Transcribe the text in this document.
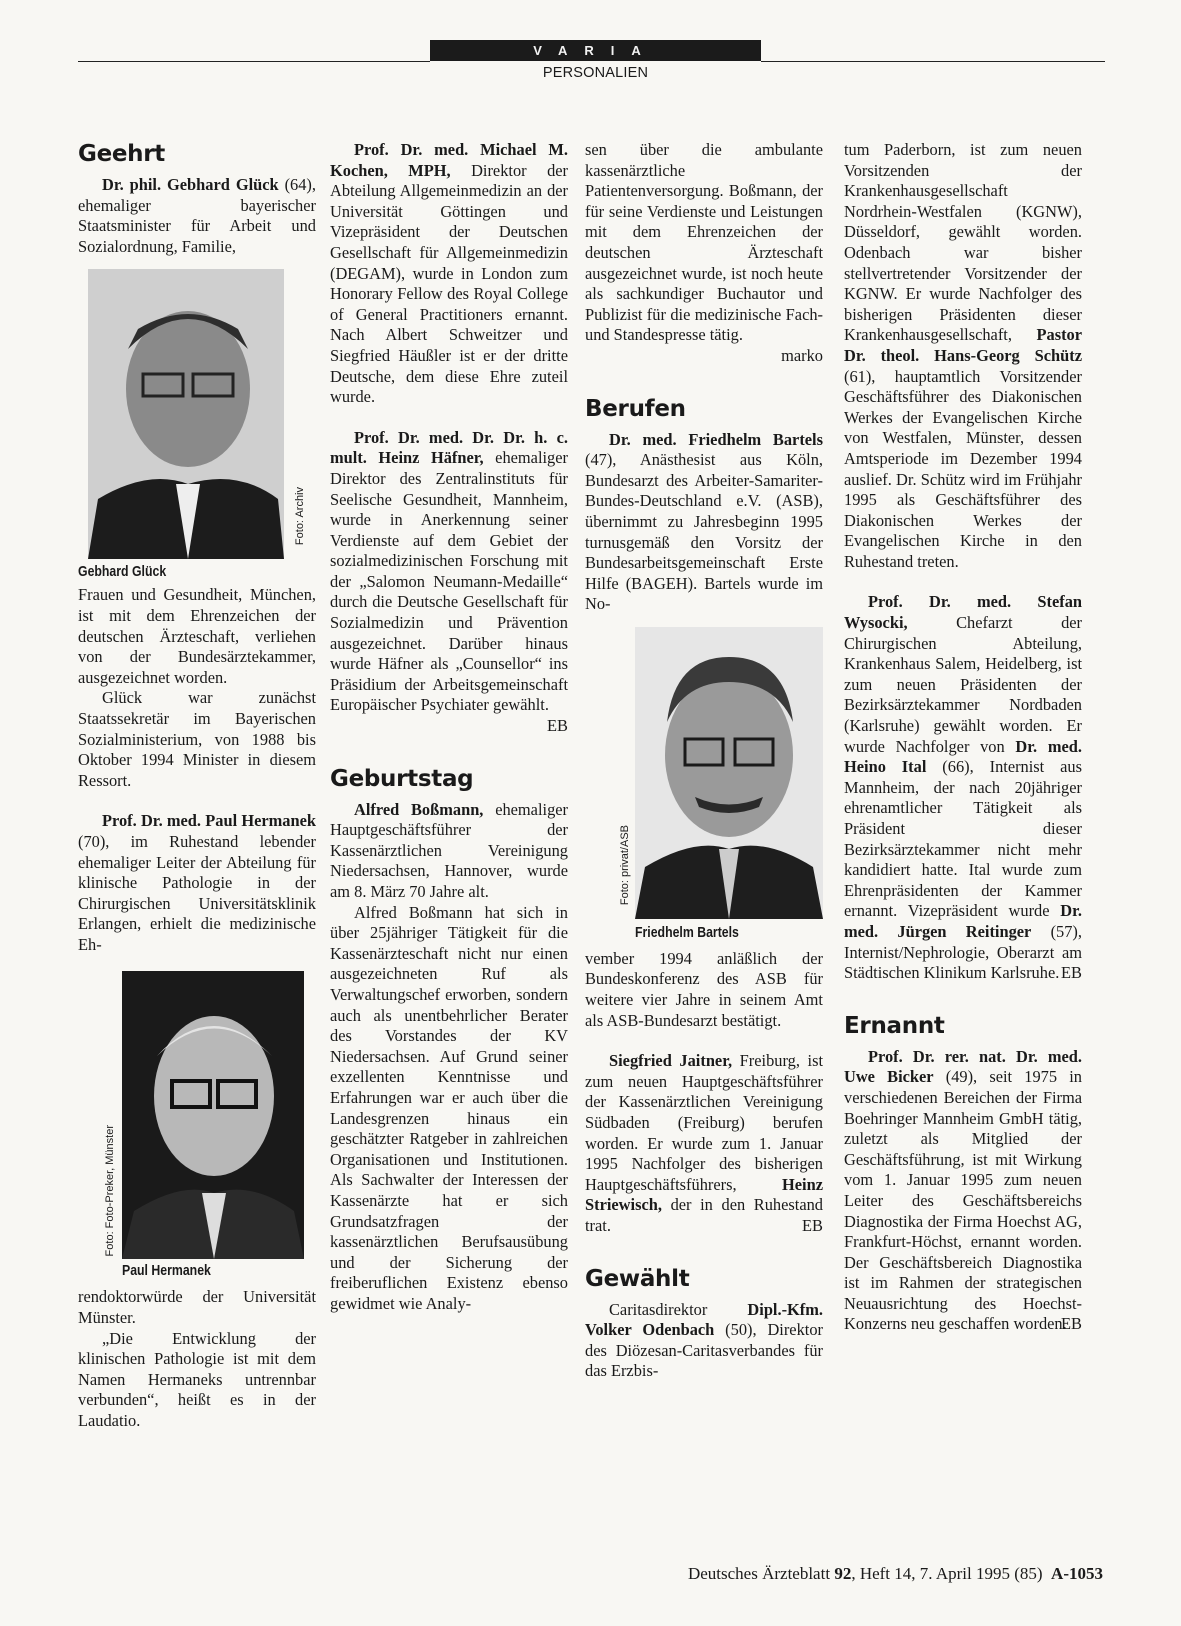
VARIA
PERSONALIEN
Geehrt

Dr. phil. Gebhard Glück (64), ehemaliger bayerischer Staatsminister für Arbeit und Sozialordnung, Familie,

Foto: Archiv
Gebhard Glück

Frauen und Gesundheit, München, ist mit dem Ehrenzeichen der deutschen Ärzteschaft, verliehen von der Bundesärztekammer, ausgezeichnet worden.

Glück war zunächst Staatssekretär im Bayerischen Sozialministerium, von 1988 bis Oktober 1994 Minister in diesem Ressort.

Prof. Dr. med. Paul Hermanek (70), im Ruhestand lebender ehemaliger Leiter der Abteilung für klinische Pathologie in der Chirurgischen Universitätsklinik Erlangen, erhielt die medizinische Eh-

Foto: Foto-Preker, Münster
Paul Hermanek

rendoktorwürde der Universität Münster.

„Die Entwicklung der klinischen Pathologie ist mit dem Namen Hermaneks untrennbar verbunden“, heißt es in der Laudatio.

Prof. Dr. med. Michael M. Kochen, MPH, Direktor der Abteilung Allgemeinmedizin an der Universität Göttingen und Vizepräsident der Deutschen Gesellschaft für Allgemeinmedizin (DEGAM), wurde in London zum Honorary Fellow des Royal College of General Practitioners ernannt. Nach Albert Schweitzer und Siegfried Häußler ist er der dritte Deutsche, dem diese Ehre zuteil wurde.

Prof. Dr. med. Dr. Dr. h. c. mult. Heinz Häfner, ehemaliger Direktor des Zentralinstituts für Seelische Gesundheit, Mannheim, wurde in Anerkennung seiner Verdienste auf dem Gebiet der sozialmedizinischen Forschung mit der „Salomon Neumann-Medaille“ durch die Deutsche Gesellschaft für Sozialmedizin und Prävention ausgezeichnet. Darüber hinaus wurde Häfner als „Counsellor“ ins Präsidium der Arbeitsgemeinschaft Europäischer Psychiater gewählt.

EB

Geburtstag

Alfred Boßmann, ehemaliger Hauptgeschäftsführer der Kassenärztlichen Vereinigung Niedersachsen, Hannover, wurde am 8. März 70 Jahre alt.

Alfred Boßmann hat sich in über 25jähriger Tätigkeit für die Kassenärzteschaft nicht nur einen ausgezeichneten Ruf als Verwaltungschef erworben, sondern auch als unentbehrlicher Berater des Vorstandes der KV Niedersachsen. Auf Grund seiner exzellenten Kenntnisse und Erfahrungen war er auch über die Landesgrenzen hinaus ein geschätzter Ratgeber in zahlreichen Organisationen und Institutionen. Als Sachwalter der Interessen der Kassenärzte hat er sich Grundsatzfragen der kassenärztlichen Berufsausübung und der Sicherung der freiberuflichen Existenz ebenso gewidmet wie Analy-

sen über die ambulante kassenärztliche Patientenversorgung. Boßmann, der für seine Verdienste und Leistungen mit dem Ehrenzeichen der deutschen Ärzteschaft ausgezeichnet wurde, ist noch heute als sachkundiger Buchautor und Publizist für die medizinische Fach- und Standespresse tätig.

marko

Berufen

Dr. med. Friedhelm Bartels (47), Anästhesist aus Köln, Bundesarzt des Arbeiter-Samariter-Bundes-Deutschland e.V. (ASB), übernimmt zu Jahresbeginn 1995 turnusgemäß den Vorsitz der Bundesarbeitsgemeinschaft Erste Hilfe (BAGEH). Bartels wurde im No-

Foto: privat/ASB
Friedhelm Bartels

vember 1994 anläßlich der Bundeskonferenz des ASB für weitere vier Jahre in seinem Amt als ASB-Bundesarzt bestätigt.

Siegfried Jaitner, Freiburg, ist zum neuen Hauptgeschäftsführer der Kassenärztlichen Vereinigung Südbaden (Freiburg) berufen worden. Er wurde zum 1. Januar 1995 Nachfolger des bisherigen Hauptgeschäftsführers, Heinz Striewisch, der in den Ruhestand trat.	EB

Gewählt

Caritasdirektor Dipl.-Kfm. Volker Odenbach (50), Direktor des Diözesan-Caritasverbandes für das Erzbis-

tum Paderborn, ist zum neuen Vorsitzenden der Krankenhausgesellschaft Nordrhein-Westfalen (KGNW), Düsseldorf, gewählt worden. Odenbach war bisher stellvertretender Vorsitzender der KGNW. Er wurde Nachfolger des bisherigen Präsidenten dieser Krankenhausgesellschaft, Pastor Dr. theol. Hans-Georg Schütz (61), hauptamtlich Vorsitzender Geschäftsführer des Diakonischen Werkes der Evangelischen Kirche von Westfalen, Münster, dessen Amtsperiode im Dezember 1994 auslief. Dr. Schütz wird im Frühjahr 1995 als Geschäftsführer des Diakonischen Werkes der Evangelischen Kirche in den Ruhestand treten.

Prof. Dr. med. Stefan Wysocki, Chefarzt der Chirurgischen Abteilung, Krankenhaus Salem, Heidelberg, ist zum neuen Präsidenten der Bezirksärztekammer Nordbaden (Karlsruhe) gewählt worden. Er wurde Nachfolger von Dr. med. Heino Ital (66), Internist aus Mannheim, der nach 20jähriger ehrenamtlicher Tätigkeit als Präsident dieser Bezirksärztekammer nicht mehr kandidiert hatte. Ital wurde zum Ehrenpräsidenten der Kammer ernannt. Vizepräsident wurde Dr. med. Jürgen Reitinger (57), Internist/Nephrologie, Oberarzt am Städtischen Klinikum Karlsruhe. EB

Ernannt

Prof. Dr. rer. nat. Dr. med. Uwe Bicker (49), seit 1975 in verschiedenen Bereichen der Firma Boehringer Mannheim GmbH tätig, zuletzt als Mitglied der Geschäftsführung, ist mit Wirkung vom 1. Januar 1995 zum neuen Leiter des Geschäftsbereichs Diagnostika der Firma Hoechst AG, Frankfurt-Höchst, ernannt worden. Der Geschäftsbereich Diagnostika ist im Rahmen der strategischen Neuausrichtung des Hoechst-Konzerns neu geschaffen worden.

EB

Deutsches Ärzteblatt 92, Heft 14, 7. April 1995 (85)  A-1053
